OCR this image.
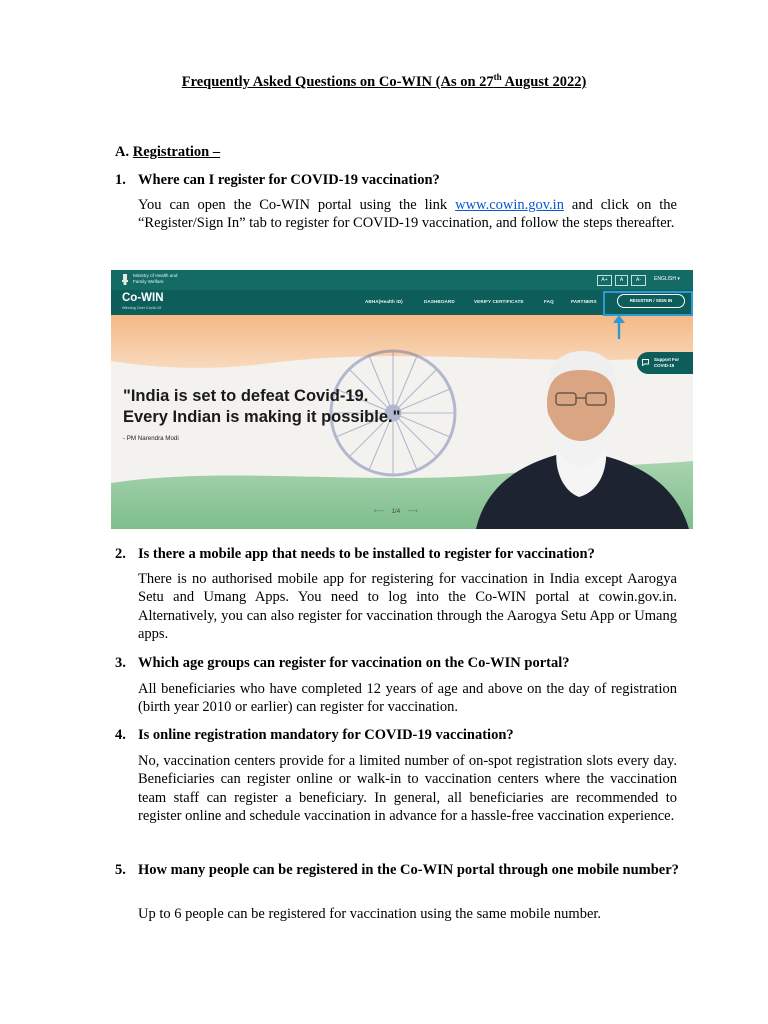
Frequently Asked Questions on Co-WIN (As on 27th August 2022)
A. Registration –
1. Where can I register for COVID-19 vaccination?
You can open the Co-WIN portal using the link www.cowin.gov.in and click on the “Register/Sign In” tab to register for COVID-19 vaccination, and follow the steps thereafter.
Ministry of Health and
Family Welfare	A+	A	A-	ENGLISH ▾
Co-WIN
Winning Over Covid-19
ABHA(Health ID)	DASHBOARD	VERIFY CERTIFICATE	FAQ	PARTNERS	REGISTER / SIGN IN
Support For
COVID-19
"India is set to defeat Covid-19.
Every Indian is making it possible."
- PM Narendra Modi
⟵ 1/4 ⟶
2. Is there a mobile app that needs to be installed to register for vaccination?
There is no authorised mobile app for registering for vaccination in India except Aarogya Setu and Umang Apps. You need to log into the Co-WIN portal at cowin.gov.in. Alternatively, you can also register for vaccination through the Aarogya Setu App or Umang apps.
3. Which age groups can register for vaccination on the Co-WIN portal?
All beneficiaries who have completed 12 years of age and above on the day of registration (birth year 2010 or earlier) can register for vaccination.
4. Is online registration mandatory for COVID-19 vaccination?
No, vaccination centers provide for a limited number of on-spot registration slots every day. Beneficiaries can register online or walk-in to vaccination centers where the vaccination team staff can register a beneficiary. In general, all beneficiaries are recommended to register online and schedule vaccination in advance for a hassle-free vaccination experience.
5. How many people can be registered in the Co-WIN portal through one mobile number?
Up to 6 people can be registered for vaccination using the same mobile number.
